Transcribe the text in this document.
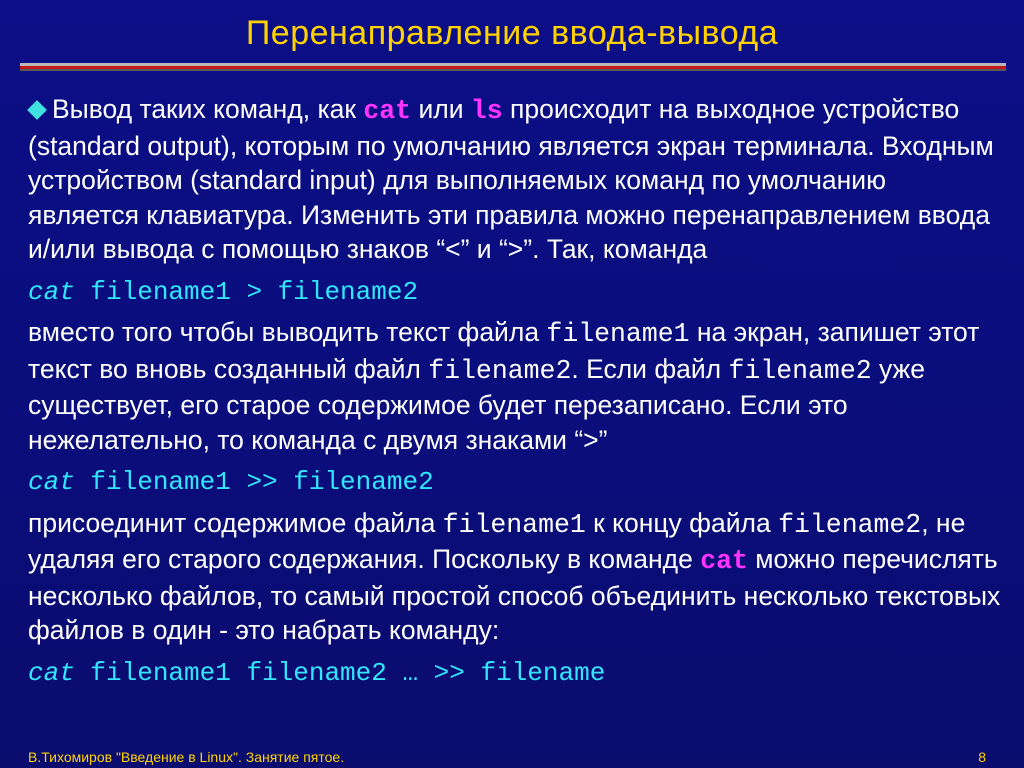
Перенаправление ввода-вывода

Вывод таких команд, как cat или ls происходит на выходное устройство (standard output), которым по умолчанию является экран терминала. Входным устройством (standard input) для выполняемых команд по умолчанию является клавиатура. Изменить эти правила можно перенаправлением ввода и/или вывода с помощью знаков “<” и “>”. Так, команда

cat filename1 > filename2

вместо того чтобы выводить текст файла filename1 на экран, запишет этот текст во вновь созданный файл filename2. Если файл filename2 уже существует, его старое содержимое будет перезаписано. Если это нежелательно, то команда с двумя знаками “>”

cat filename1 >> filename2

присоединит содержимое файла filename1 к концу файла filename2, не удаляя его старого содержания. Поскольку в команде cat можно перечислять несколько файлов, то самый простой способ объединить несколько текстовых файлов в один - это набрать команду:

cat filename1 filename2 … >> filename
В.Тихомиров "Введение в Linux". Занятие пятое.	8
